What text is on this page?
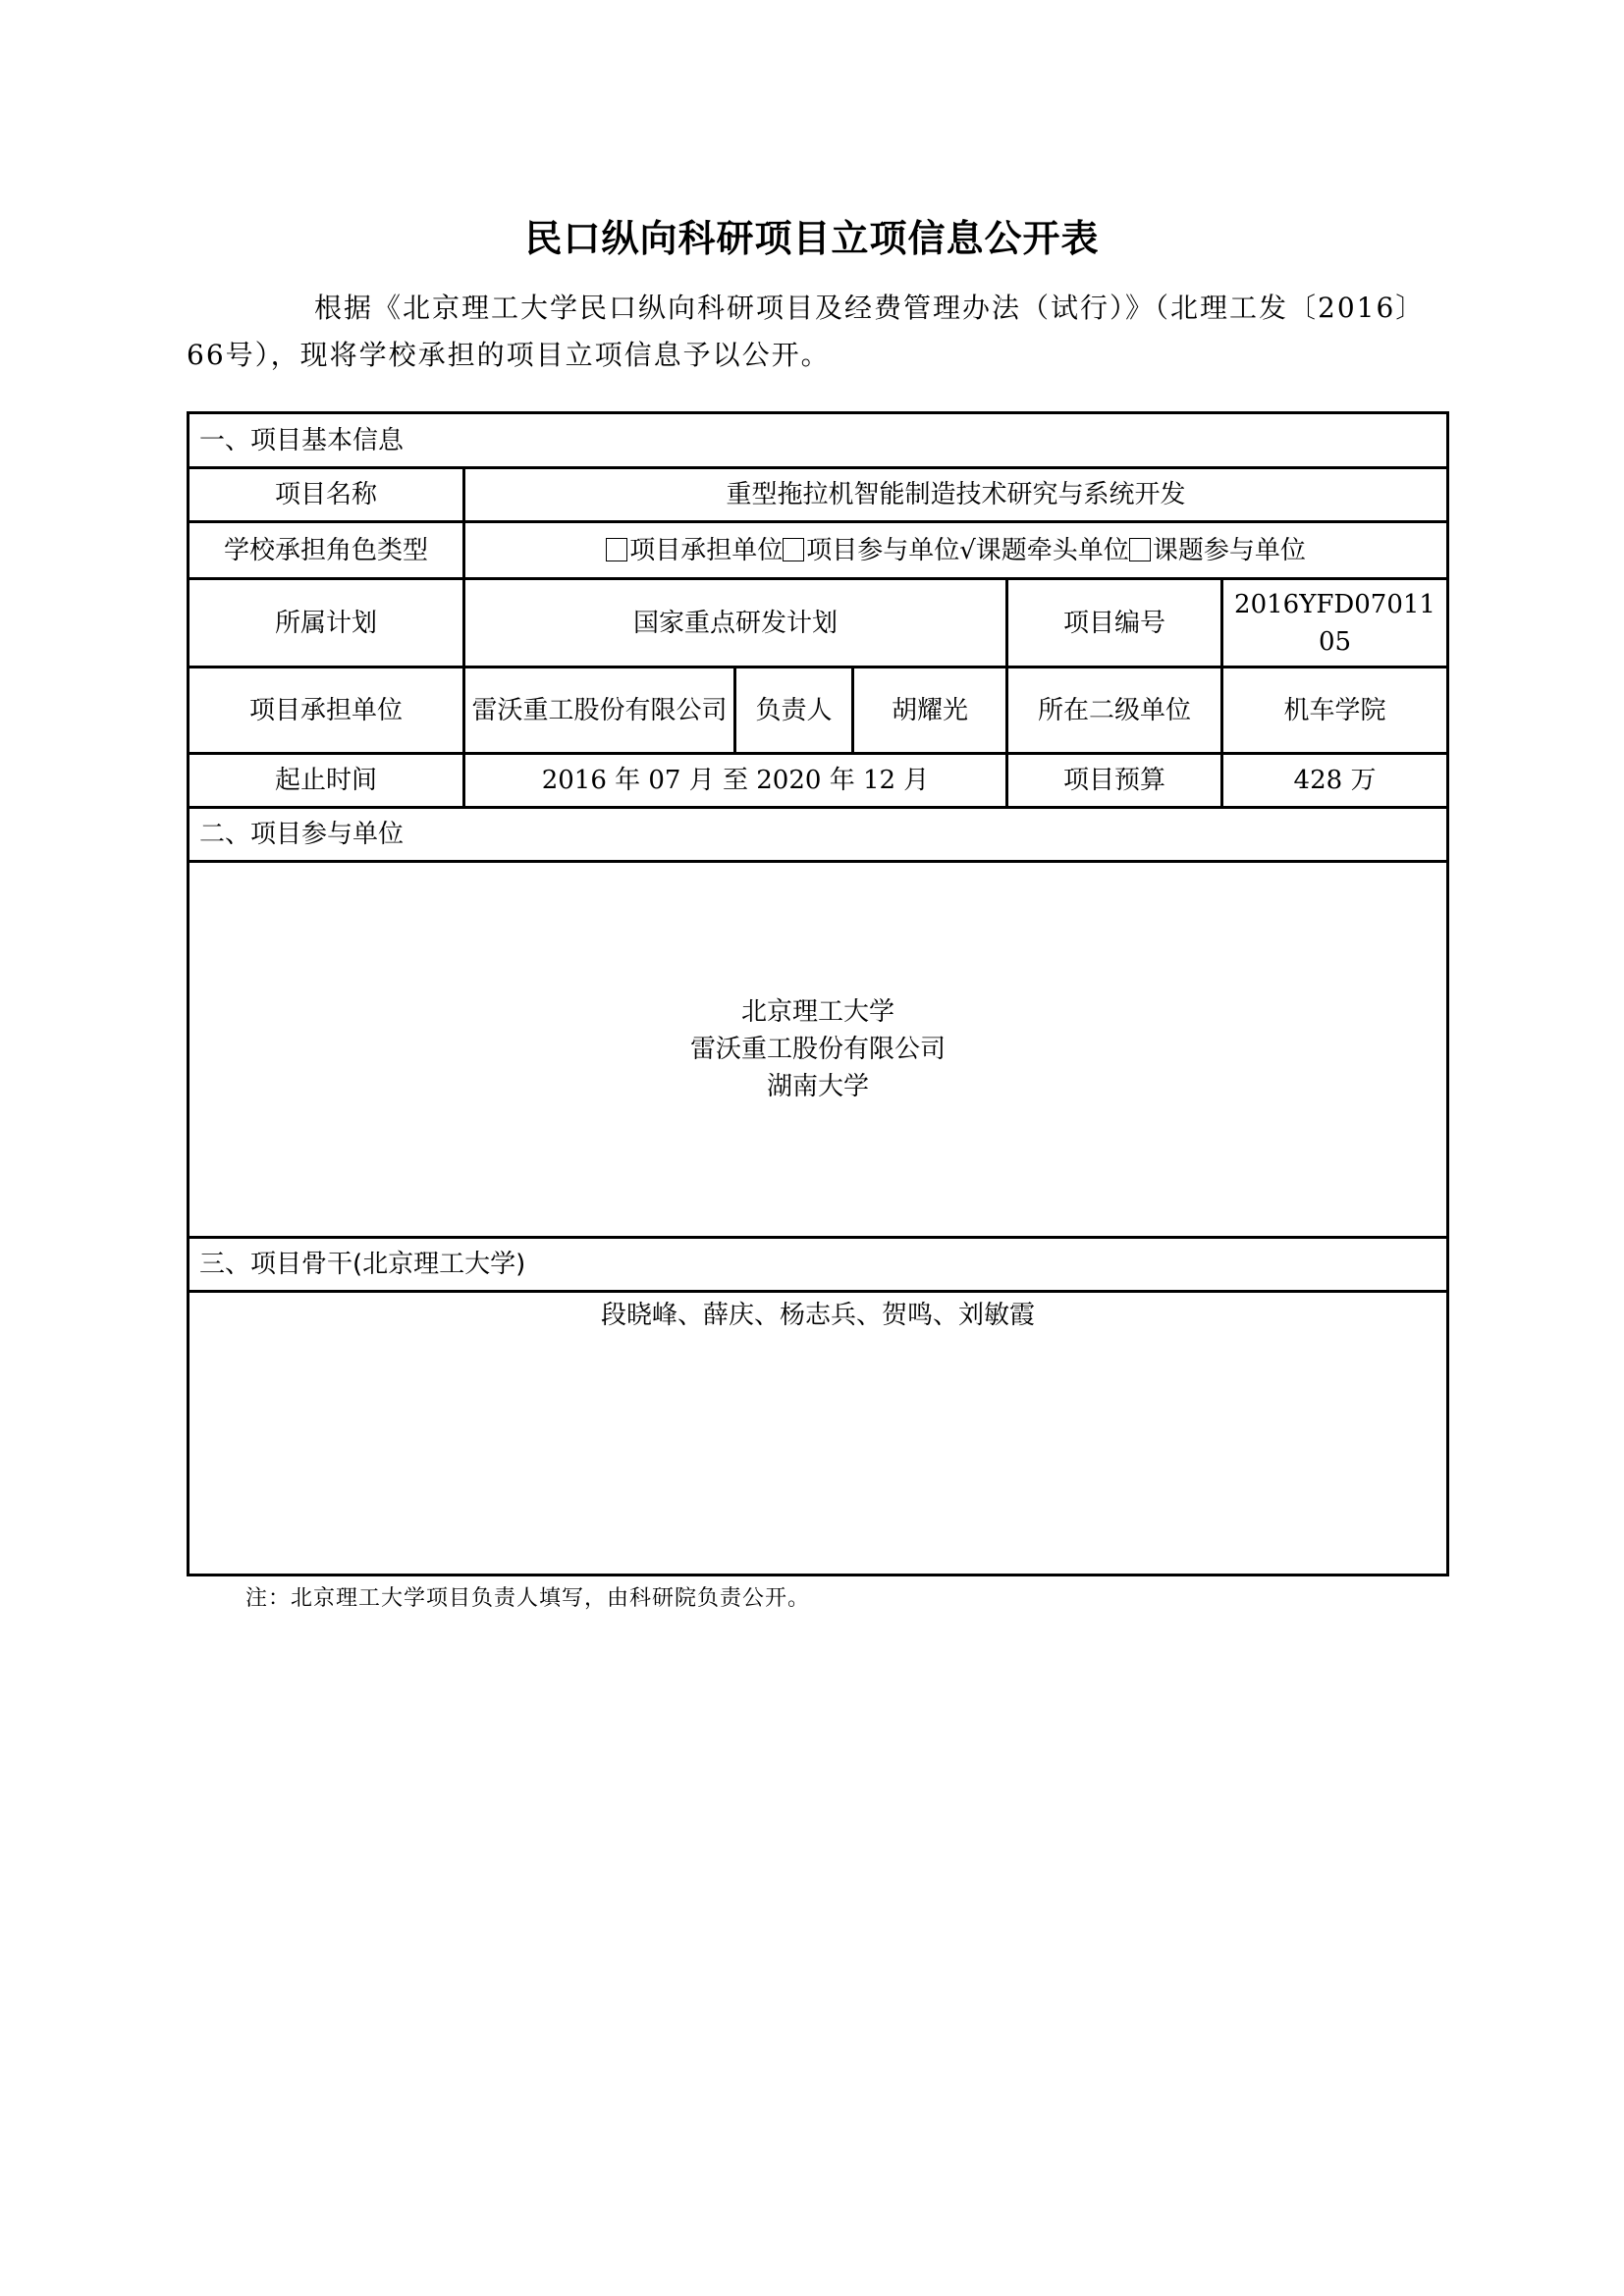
民口纵向科研项目立项信息公开表

根据《北京理工大学民口纵向科研项目及经费管理办法（试行）》（北理工发〔2016〕66号），现将学校承担的项目立项信息予以公开。

一、项目基本信息					
项目名称	重型拖拉机智能制造技术研究与系统开发				
学校承担角色类型	项目承担单位 项目参与单位√课题牵头单位 课题参与单位				
所属计划	国家重点研发计划			项目编号	2016YFD0701105
项目承担单位	雷沃重工股份有限公司	负责人	胡耀光	所在二级单位	机车学院
起止时间	2016 年 07 月 至 2020 年 12 月			项目预算	428 万
二、项目参与单位					

北京理工大学
雷沃重工股份有限公司
湖南大学					

三、项目骨干(北京理工大学)					
段晓峰、薛庆、杨志兵、贺鸣、刘敏霞					
注：北京理工大学项目负责人填写，由科研院负责公开。
